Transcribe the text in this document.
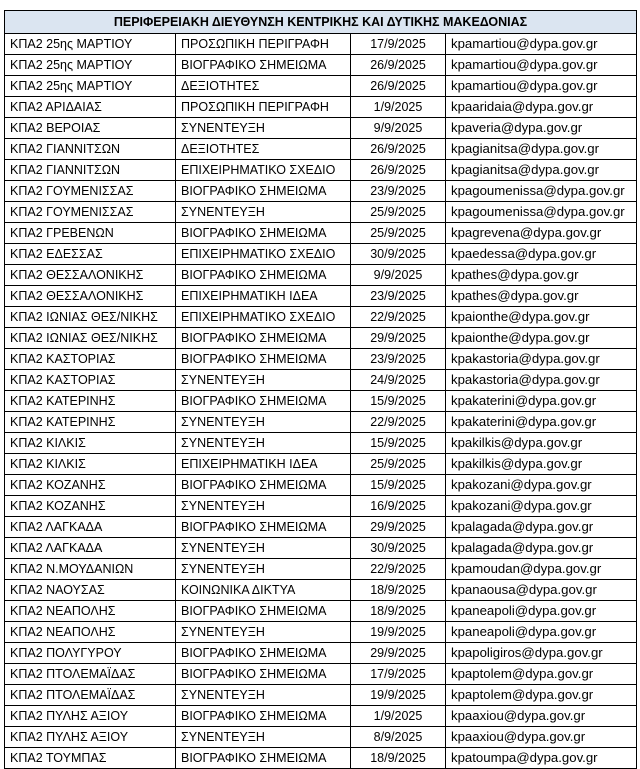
ΠΕΡΙΦΕΡΕΙΑΚΗ ΔΙΕΥΘΥΝΣΗ ΚΕΝΤΡΙΚΗΣ ΚΑΙ ΔΥΤΙΚΗΣ ΜΑΚΕΔΟΝΙΑΣ			
ΚΠΑ2 25ης ΜΑΡΤΙΟΥ	ΠΡΟΣΩΠΙΚΗ ΠΕΡΙΓΡΑΦΗ	17/9/2025	kpamartiou@dypa.gov.gr
ΚΠΑ2 25ης ΜΑΡΤΙΟΥ	ΒΙΟΓΡΑΦΙΚΟ ΣΗΜΕΙΩΜΑ	26/9/2025	kpamartiou@dypa.gov.gr
ΚΠΑ2 25ης ΜΑΡΤΙΟΥ	ΔΕΞΙΟΤΗΤΕΣ	26/9/2025	kpamartiou@dypa.gov.gr
ΚΠΑ2 ΑΡΙΔΑΙΑΣ	ΠΡΟΣΩΠΙΚΗ ΠΕΡΙΓΡΑΦΗ	1/9/2025	kpaaridaia@dypa.gov.gr
ΚΠΑ2 ΒΕΡΟΙΑΣ	ΣΥΝΕΝΤΕΥΞΗ	9/9/2025	kpaveria@dypa.gov.gr
ΚΠΑ2 ΓΙΑΝΝΙΤΣΩΝ	ΔΕΞΙΟΤΗΤΕΣ	26/9/2025	kpagianitsa@dypa.gov.gr
ΚΠΑ2 ΓΙΑΝΝΙΤΣΩΝ	ΕΠΙΧΕΙΡΗΜΑΤΙΚΟ ΣΧΕΔΙΟ	26/9/2025	kpagianitsa@dypa.gov.gr
ΚΠΑ2 ΓΟΥΜΕΝΙΣΣΑΣ	ΒΙΟΓΡΑΦΙΚΟ ΣΗΜΕΙΩΜΑ	23/9/2025	kpagoumenissa@dypa.gov.gr
ΚΠΑ2 ΓΟΥΜΕΝΙΣΣΑΣ	ΣΥΝΕΝΤΕΥΞΗ	25/9/2025	kpagoumenissa@dypa.gov.gr
ΚΠΑ2 ΓΡΕΒΕΝΩΝ	ΒΙΟΓΡΑΦΙΚΟ ΣΗΜΕΙΩΜΑ	25/9/2025	kpagrevena@dypa.gov.gr
ΚΠΑ2 ΕΔΕΣΣΑΣ	ΕΠΙΧΕΙΡΗΜΑΤΙΚΟ ΣΧΕΔΙΟ	30/9/2025	kpaedessa@dypa.gov.gr
ΚΠΑ2 ΘΕΣΣΑΛΟΝΙΚΗΣ	ΒΙΟΓΡΑΦΙΚΟ ΣΗΜΕΙΩΜΑ	9/9/2025	kpathes@dypa.gov.gr
ΚΠΑ2 ΘΕΣΣΑΛΟΝΙΚΗΣ	ΕΠΙΧΕΙΡΗΜΑΤΙΚΗ ΙΔΕΑ	23/9/2025	kpathes@dypa.gov.gr
ΚΠΑ2 ΙΩΝΙΑΣ ΘΕΣ/ΝΙΚΗΣ	ΕΠΙΧΕΙΡΗΜΑΤΙΚΟ ΣΧΕΔΙΟ	22/9/2025	kpaionthe@dypa.gov.gr
ΚΠΑ2 ΙΩΝΙΑΣ ΘΕΣ/ΝΙΚΗΣ	ΒΙΟΓΡΑΦΙΚΟ ΣΗΜΕΙΩΜΑ	29/9/2025	kpaionthe@dypa.gov.gr
ΚΠΑ2 ΚΑΣΤΟΡΙΑΣ	ΒΙΟΓΡΑΦΙΚΟ ΣΗΜΕΙΩΜΑ	23/9/2025	kpakastoria@dypa.gov.gr
ΚΠΑ2 ΚΑΣΤΟΡΙΑΣ	ΣΥΝΕΝΤΕΥΞΗ	24/9/2025	kpakastoria@dypa.gov.gr
ΚΠΑ2 ΚΑΤΕΡΙΝΗΣ	ΒΙΟΓΡΑΦΙΚΟ ΣΗΜΕΙΩΜΑ	15/9/2025	kpakaterini@dypa.gov.gr
ΚΠΑ2 ΚΑΤΕΡΙΝΗΣ	ΣΥΝΕΝΤΕΥΞΗ	22/9/2025	kpakaterini@dypa.gov.gr
ΚΠΑ2 ΚΙΛΚΙΣ	ΣΥΝΕΝΤΕΥΞΗ	15/9/2025	kpakilkis@dypa.gov.gr
ΚΠΑ2 ΚΙΛΚΙΣ	ΕΠΙΧΕΙΡΗΜΑΤΙΚΗ ΙΔΕΑ	25/9/2025	kpakilkis@dypa.gov.gr
ΚΠΑ2 ΚΟΖΑΝΗΣ	ΒΙΟΓΡΑΦΙΚΟ ΣΗΜΕΙΩΜΑ	15/9/2025	kpakozani@dypa.gov.gr
ΚΠΑ2 ΚΟΖΑΝΗΣ	ΣΥΝΕΝΤΕΥΞΗ	16/9/2025	kpakozani@dypa.gov.gr
ΚΠΑ2 ΛΑΓΚΑΔΑ	ΒΙΟΓΡΑΦΙΚΟ ΣΗΜΕΙΩΜΑ	29/9/2025	kpalagada@dypa.gov.gr
ΚΠΑ2 ΛΑΓΚΑΔΑ	ΣΥΝΕΝΤΕΥΞΗ	30/9/2025	kpalagada@dypa.gov.gr
ΚΠΑ2 Ν.ΜΟΥΔΑΝΙΩΝ	ΣΥΝΕΝΤΕΥΞΗ	22/9/2025	kpamoudan@dypa.gov.gr
ΚΠΑ2 ΝΑΟΥΣΑΣ	ΚΟΙΝΩΝΙΚΑ ΔΙΚΤΥΑ	18/9/2025	kpanaousa@dypa.gov.gr
ΚΠΑ2 ΝΕΑΠΟΛΗΣ	ΒΙΟΓΡΑΦΙΚΟ ΣΗΜΕΙΩΜΑ	18/9/2025	kpaneapoli@dypa.gov.gr
ΚΠΑ2 ΝΕΑΠΟΛΗΣ	ΣΥΝΕΝΤΕΥΞΗ	19/9/2025	kpaneapoli@dypa.gov.gr
ΚΠΑ2 ΠΟΛΥΓΥΡΟΥ	ΒΙΟΓΡΑΦΙΚΟ ΣΗΜΕΙΩΜΑ	29/9/2025	kpapoligiros@dypa.gov.gr
ΚΠΑ2 ΠΤΟΛΕΜΑΪΔΑΣ	ΒΙΟΓΡΑΦΙΚΟ ΣΗΜΕΙΩΜΑ	17/9/2025	kpaptolem@dypa.gov.gr
ΚΠΑ2 ΠΤΟΛΕΜΑΪΔΑΣ	ΣΥΝΕΝΤΕΥΞΗ	19/9/2025	kpaptolem@dypa.gov.gr
ΚΠΑ2 ΠΥΛΗΣ ΑΞΙΟΥ	ΒΙΟΓΡΑΦΙΚΟ ΣΗΜΕΙΩΜΑ	1/9/2025	kpaaxiou@dypa.gov.gr
ΚΠΑ2 ΠΥΛΗΣ ΑΞΙΟΥ	ΣΥΝΕΝΤΕΥΞΗ	8/9/2025	kpaaxiou@dypa.gov.gr
ΚΠΑ2 ΤΟΥΜΠΑΣ	ΒΙΟΓΡΑΦΙΚΟ ΣΗΜΕΙΩΜΑ	18/9/2025	kpatoumpa@dypa.gov.gr
